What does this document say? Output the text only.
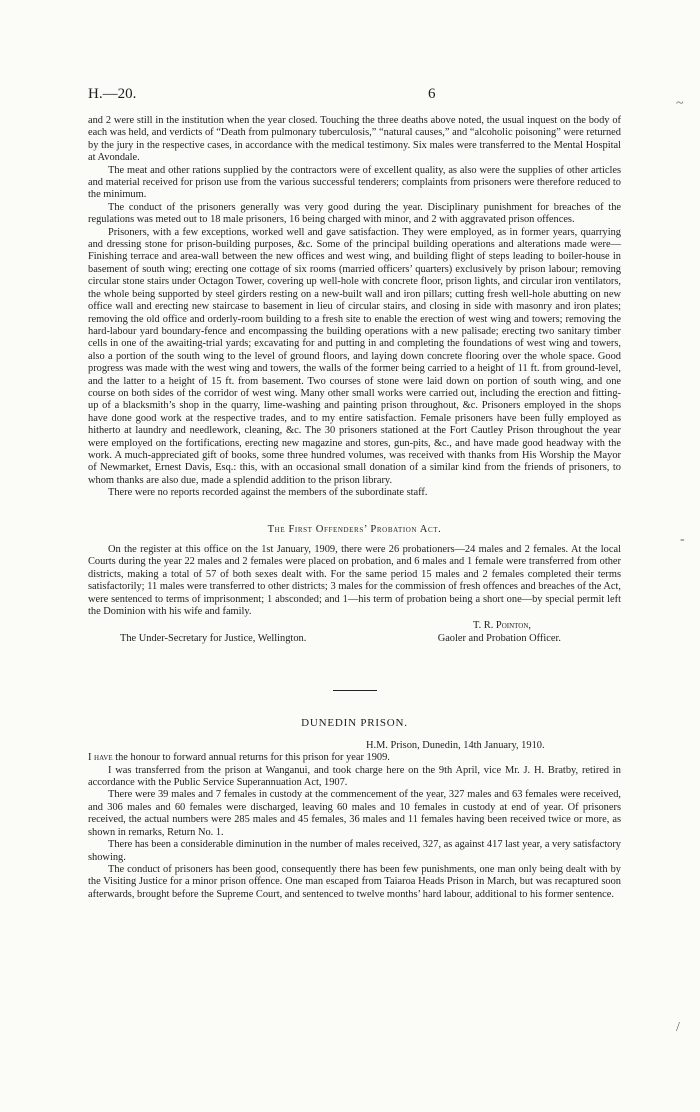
H.—20.	6
~
-
/

and 2 were still in the institution when the year closed. Touching the three deaths above noted, the usual inquest on the body of each was held, and verdicts of “Death from pulmonary tuberculosis,” “natural causes,” and “alcoholic poisoning” were returned by the jury in the respective cases, in accordance with the medical testimony. Six males were transferred to the Mental Hospital at Avondale.

The meat and other rations supplied by the contractors were of excellent quality, as also were the supplies of other articles and material received for prison use from the various successful tenderers; complaints from prisoners were therefore reduced to the minimum.

The conduct of the prisoners generally was very good during the year. Disciplinary punishment for breaches of the regulations was meted out to 18 male prisoners, 16 being charged with minor, and 2 with aggravated prison offences.

Prisoners, with a few exceptions, worked well and gave satisfaction. They were employed, as in former years, quarrying and dressing stone for prison-building purposes, &c. Some of the principal building operations and alterations made were—Finishing terrace and area-wall between the new offices and west wing, and building flight of steps leading to boiler-house in basement of south wing; erecting one cottage of six rooms (married officers’ quarters) exclusively by prison labour; removing circular stone stairs under Octagon Tower, covering up well-hole with concrete floor, prison lights, and circular iron ventilators, the whole being supported by steel girders resting on a new-built wall and iron pillars; cutting fresh well-hole abutting on new office wall and erecting new staircase to basement in lieu of circular stairs, and closing in side with masonry and iron plates; removing the old office and orderly-room building to a fresh site to enable the erection of west wing and towers; removing the hard-labour yard boundary-fence and encompassing the building operations with a new palisade; erecting two sanitary timber cells in one of the awaiting-trial yards; excavating for and putting in and completing the foundations of west wing and towers, also a portion of the south wing to the level of ground floors, and laying down concrete flooring over the whole space. Good progress was made with the west wing and towers, the walls of the former being carried to a height of 11 ft. from ground-level, and the latter to a height of 15 ft. from basement. Two courses of stone were laid down on portion of south wing, and one course on both sides of the corridor of west wing. Many other small works were carried out, including the erection and fitting-up of a blacksmith’s shop in the quarry, lime-washing and painting prison throughout, &c. Prisoners employed in the shops have done good work at the respective trades, and to my entire satisfaction. Female prisoners have been fully employed as hitherto at laundry and needlework, cleaning, &c. The 30 prisoners stationed at the Fort Cautley Prison throughout the year were employed on the fortifications, erecting new magazine and stores, gun-pits, &c., and have made good headway with the work. A much-appreciated gift of books, some three hundred volumes, was received with thanks from His Worship the Mayor of Newmarket, Ernest Davis, Esq.: this, with an occasional small donation of a similar kind from the friends of prisoners, to whom thanks are also due, made a splendid addition to the prison library.

There were no reports recorded against the members of the subordinate staff.

The First Offenders’ Probation Act.

On the register at this office on the 1st January, 1909, there were 26 probationers—24 males and 2 females. At the local Courts during the year 22 males and 2 females were placed on probation, and 6 males and 1 female were transferred from other districts, making a total of 57 of both sexes dealt with. For the same period 15 males and 2 females completed their terms satisfactorily; 11 males were transferred to other districts; 3 males for the commission of fresh offences and breaches of the Act, were sentenced to terms of imprisonment; 1 absconded; and 1—his term of probation being a short one—by special permit left the Dominion with his wife and family.

T. R. Pointon,
The Under-Secretary for Justice, Wellington.	Gaoler and Probation Officer.
DUNEDIN PRISON.

H.M. Prison, Dunedin, 14th January, 1910.

I have the honour to forward annual returns for this prison for year 1909.

I was transferred from the prison at Wanganui, and took charge here on the 9th April, vice Mr. J. H. Bratby, retired in accordance with the Public Service Superannuation Act, 1907.

There were 39 males and 7 females in custody at the commencement of the year, 327 males and 63 females were received, and 306 males and 60 females were discharged, leaving 60 males and 10 females in custody at end of year. Of prisoners received, the actual numbers were 285 males and 45 females, 36 males and 11 females having been received twice or more, as shown in remarks, Return No. 1.

There has been a considerable diminution in the number of males received, 327, as against 417 last year, a very satisfactory showing.

The conduct of prisoners has been good, consequently there has been few punishments, one man only being dealt with by the Visiting Justice for a minor prison offence. One man escaped from Taiaroa Heads Prison in March, but was recaptured soon afterwards, brought before the Supreme Court, and sentenced to twelve months’ hard labour, additional to his former sentence.
